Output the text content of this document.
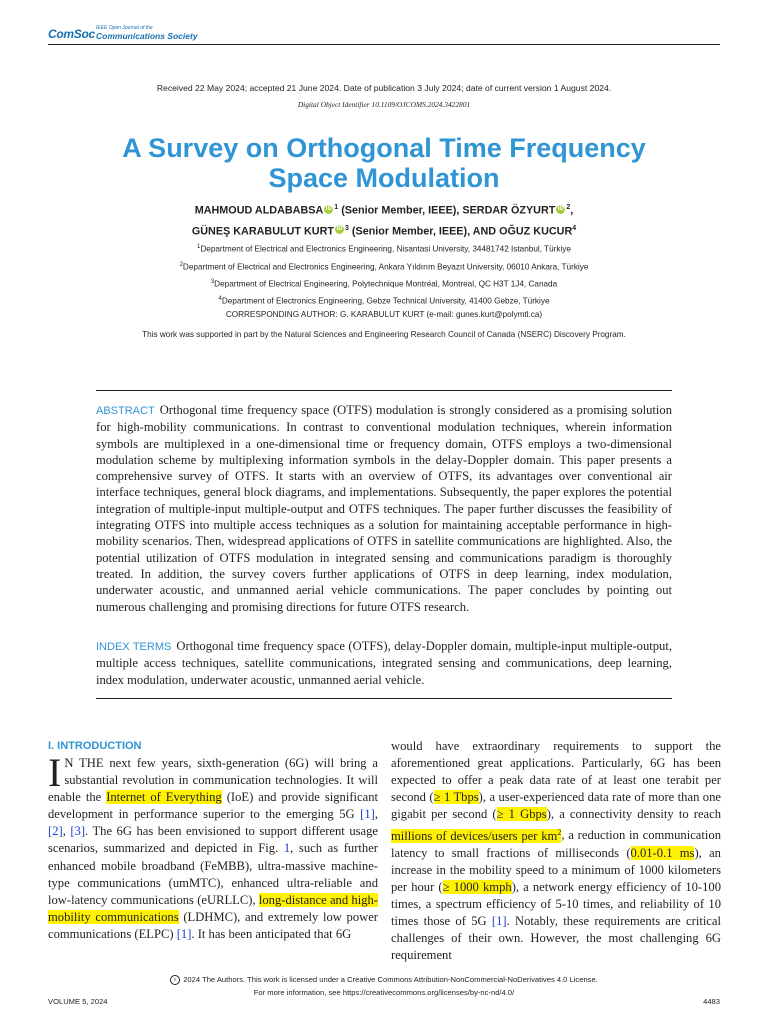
ComSoc IEEE Open Journal of the
Communications Society
Received 22 May 2024; accepted 21 June 2024. Date of publication 3 July 2024; date of current version 1 August 2024.
Digital Object Identifier 10.1109/OJCOMS.2024.3422801
A Survey on Orthogonal Time Frequency
Space Modulation
MAHMOUD ALDABABSA iD $^1$ (Senior Member, IEEE), SERDAR ÖZYURT iD $^2$,
GÜNEŞ KARABULUT KURT iD $^3$ (Senior Member, IEEE), AND OĞUZ KUCUR$^4$
$^1$Department of Electrical and Electronics Engineering, Nisantasi University, 34481742 Istanbul, Türkiye
$^2$Department of Electrical and Electronics Engineering, Ankara Yıldırım Beyazıt University, 06010 Ankara, Türkiye
$^3$Department of Electrical Engineering, Polytechnique Montréal, Montreal, QC H3T 1J4, Canada
$^4$Department of Electronics Engineering, Gebze Technical University, 41400 Gebze, Türkiye
CORRESPONDING AUTHOR: G. KARABULUT KURT (e-mail: gunes.kurt@polymtl.ca)
This work was supported in part by the Natural Sciences and Engineering Research Council of Canada (NSERC) Discovery Program.
ABSTRACT Orthogonal time frequency space (OTFS) modulation is strongly considered as a promising solution for high-mobility communications. In contrast to conventional modulation techniques, wherein information symbols are multiplexed in a one-dimensional time or frequency domain, OTFS employs a two-dimensional modulation scheme by multiplexing information symbols in the delay-Doppler domain. This paper presents a comprehensive survey of OTFS. It starts with an overview of OTFS, its advantages over conventional air interface techniques, general block diagrams, and implementations. Subsequently, the paper explores the potential integration of multiple-input multiple-output and OTFS techniques. The paper further discusses the feasibility of integrating OTFS into multiple access techniques as a solution for maintaining acceptable performance in high-mobility scenarios. Then, widespread applications of OTFS in satellite communications are highlighted. Also, the potential utilization of OTFS modulation in integrated sensing and communications paradigm is thoroughly treated. In addition, the survey covers further applications of OTFS in deep learning, index modulation, underwater acoustic, and unmanned aerial vehicle communications. The paper concludes by pointing out numerous challenging and promising directions for future OTFS research.
INDEX TERMS Orthogonal time frequency space (OTFS), delay-Doppler domain, multiple-input multiple-output, multiple access techniques, satellite communications, integrated sensing and communications, deep learning, index modulation, underwater acoustic, unmanned aerial vehicle.
I. INTRODUCTION
I N THE next few years, sixth-generation (6G) will bring a substantial revolution in communication technologies. It will enable the Internet of Everything (IoE) and provide significant development in performance superior to the emerging 5G [1], [2], [3]. The 6G has been envisioned to support different usage scenarios, summarized and depicted in Fig. 1, such as further enhanced mobile broadband (FeMBB), ultra-massive machine-type communications (umMTC), enhanced ultra-reliable and low-latency communications (eURLLC), long-distance and high-mobility communications (LDHMC), and extremely low power communications (ELPC) [1]. It has been anticipated that 6G
would have extraordinary requirements to support the aforementioned great applications. Particularly, 6G has been expected to offer a peak data rate of at least one terabit per second (≥ 1 Tbps), a user-experienced data rate of more than one gigabit per second (≥ 1 Gbps), a connectivity density to reach millions of devices/users per $km^2$, a reduction in communication latency to small fractions of milliseconds (0.01-0.1 ms), an increase in the mobility speed to a minimum of 1000 kilometers per hour (≥ 1000 kmph), a network energy efficiency of 10-100 times, a spectrum efficiency of 5-10 times, and reliability of 10 times those of 5G [1]. Notably, these requirements are critical challenges of their own. However, the most challenging 6G requirement
c 2024 The Authors. This work is licensed under a Creative Commons Attribution-NonCommercial-NoDerivatives 4.0 License.
For more information, see https://creativecommons.org/licenses/by-nc-nd/4.0/
VOLUME 5, 2024	4483
